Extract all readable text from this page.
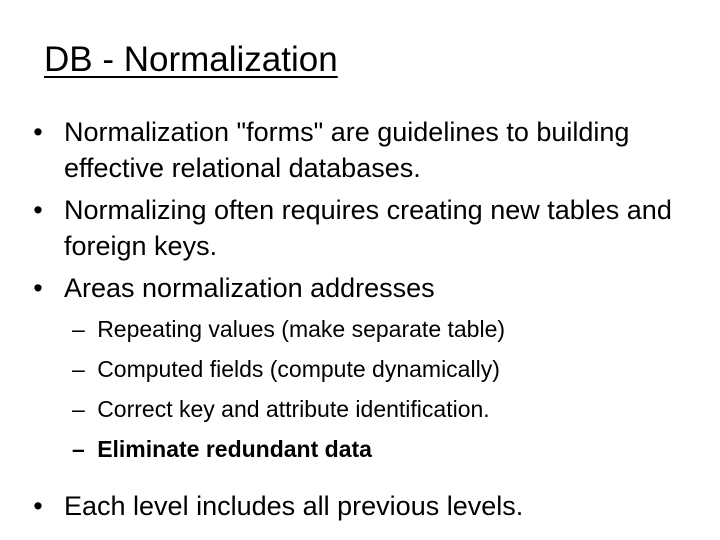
DB - Normalization
• Normalization "forms" are guidelines to building effective relational databases.
• Normalizing often requires creating new tables and foreign keys.
• Areas normalization addresses
– Repeating values (make separate table)
– Computed fields (compute dynamically)
– Correct key and attribute identification.
– Eliminate redundant data
• Each level includes all previous levels.
